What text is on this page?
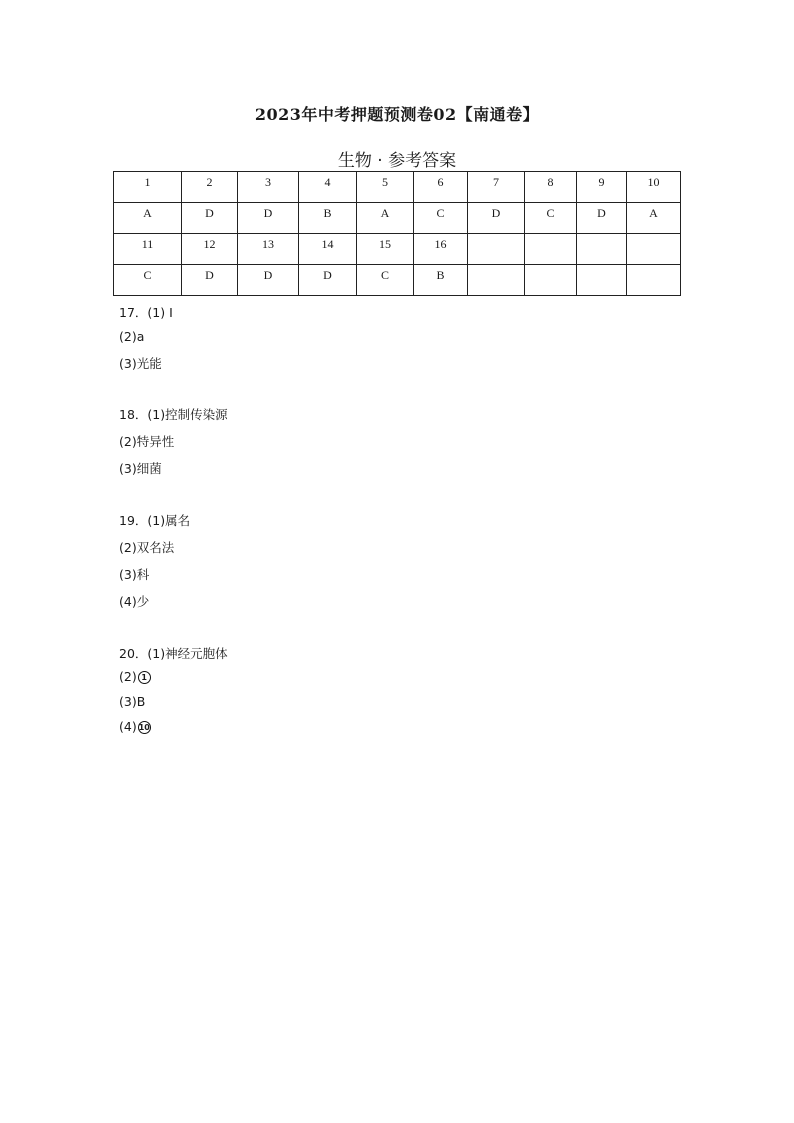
2023年中考押题预测卷02【南通卷】
生物 · 参考答案
1	2	3	4	5	6	7	8	9	10
A	D	D	B	A	C	D	C	D	A
11	12	13	14	15	16				
C	D	D	D	C	B				
17．(1) I
(2)a
(3)光能
18．(1)控制传染源
(2)特异性
(3)细菌
19．(1)属名
(2)双名法
(3)科
(4)少
20．(1)神经元胞体
(2) 1
(3)B
(4) 10
